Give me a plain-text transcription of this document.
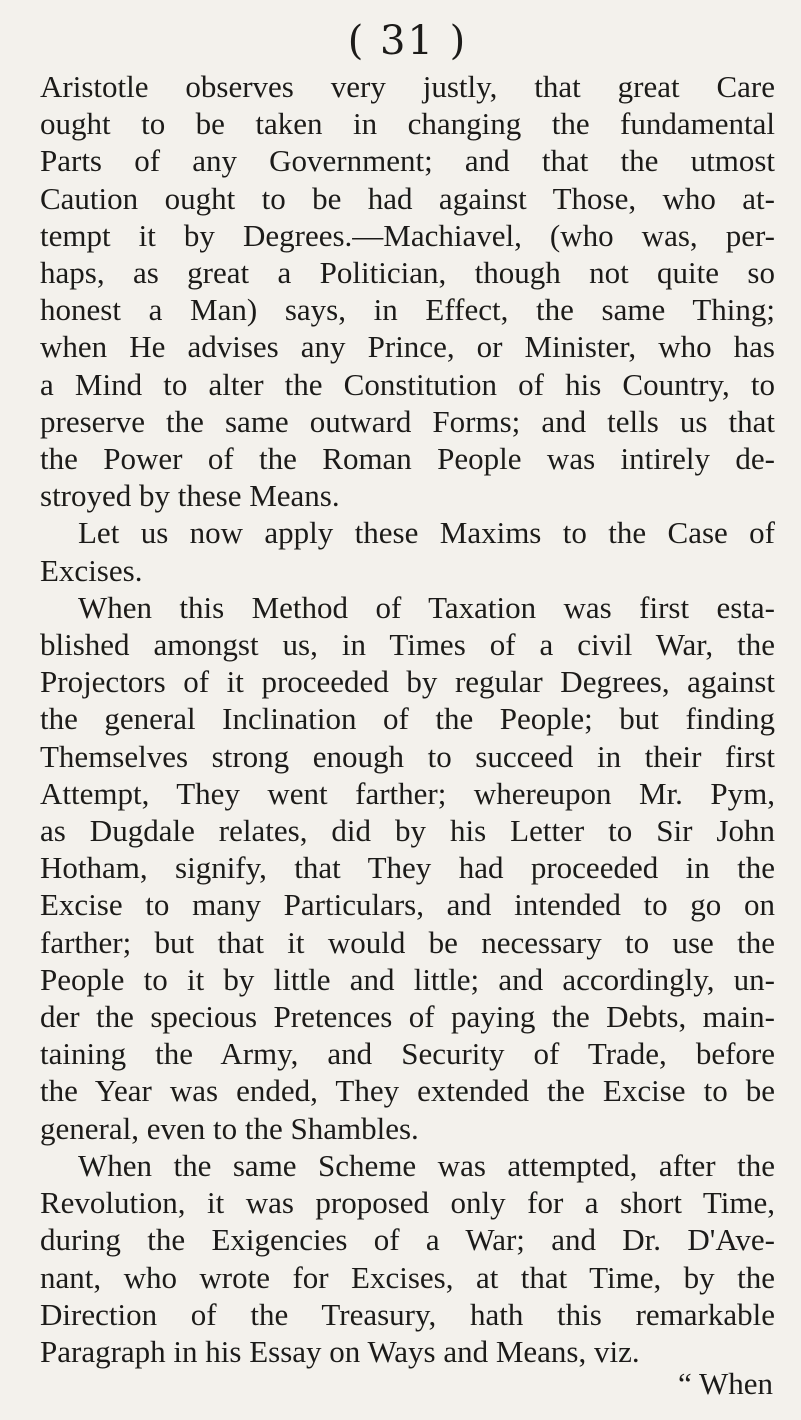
( 31 )

Aristotle observes very justly, that great Care
ought to be taken in changing the fundamental
Parts of any Government; and that the utmost
Caution ought to be had against Those, who at-
tempt it by Degrees.—Machiavel, (who was, per-
haps, as great a Politician, though not quite so
honest a Man) says, in Effect, the same Thing;
when He advises any Prince, or Minister, who has
a Mind to alter the Constitution of his Country, to
preserve the same outward Forms; and tells us that
the Power of the Roman People was intirely de-
stroyed by these Means.

Let us now apply these Maxims to the Case of
Excises.

When this Method of Taxation was first esta-
blished amongst us, in Times of a civil War, the
Projectors of it proceeded by regular Degrees, against
the general Inclination of the People; but finding
Themselves strong enough to succeed in their first
Attempt, They went farther; whereupon Mr. Pym,
as Dugdale relates, did by his Letter to Sir John
Hotham, signify, that They had proceeded in the
Excise to many Particulars, and intended to go on
farther; but that it would be necessary to use the
People to it by little and little; and accordingly, un-
der the specious Pretences of paying the Debts, main-
taining the Army, and Security of Trade, before
the Year was ended, They extended the Excise to be
general, even to the Shambles.

When the same Scheme was attempted, after the
Revolution, it was proposed only for a short Time,
during the Exigencies of a War; and Dr. D'Ave-
nant, who wrote for Excises, at that Time, by the
Direction of the Treasury, hath this remarkable
Paragraph in his Essay on Ways and Means, viz.

“ When
